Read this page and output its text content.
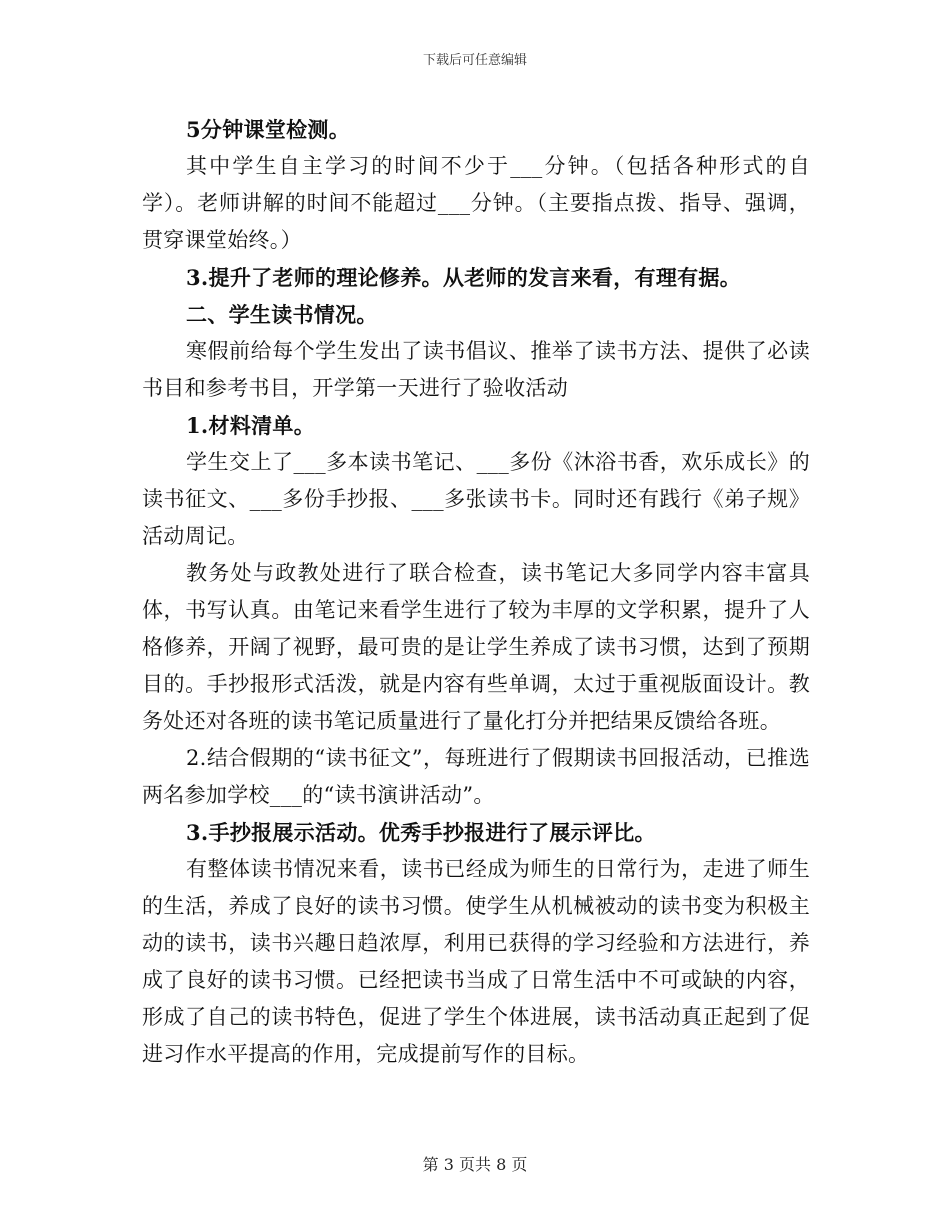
下载后可任意编辑

5分钟课堂检测。

其中学生自主学习的时间不少于___分钟。（包括各种形式的自学）。老师讲解的时间不能超过___分钟。（主要指点拨、指导、强调，贯穿课堂始终。）

3.提升了老师的理论修养。从老师的发言来看，有理有据。

二、学生读书情况。

寒假前给每个学生发出了读书倡议、推举了读书方法、提供了必读书目和参考书目，开学第一天进行了验收活动

1.材料清单。

学生交上了___多本读书笔记、___多份《沐浴书香，欢乐成长》的读书征文、___多份手抄报、___多张读书卡。同时还有践行《弟子规》活动周记。

教务处与政教处进行了联合检查，读书笔记大多同学内容丰富具体，书写认真。由笔记来看学生进行了较为丰厚的文学积累，提升了人格修养，开阔了视野，最可贵的是让学生养成了读书习惯，达到了预期目的。手抄报形式活泼，就是内容有些单调，太过于重视版面设计。教务处还对各班的读书笔记质量进行了量化打分并把结果反馈给各班。

2.结合假期的“读书征文”，每班进行了假期读书回报活动，已推选两名参加学校___的“读书演讲活动”。

3.手抄报展示活动。优秀手抄报进行了展示评比。

有整体读书情况来看，读书已经成为师生的日常行为，走进了师生的生活，养成了良好的读书习惯。使学生从机械被动的读书变为积极主动的读书，读书兴趣日趋浓厚，利用已获得的学习经验和方法进行，养成了良好的读书习惯。已经把读书当成了日常生活中不可或缺的内容，形成了自己的读书特色，促进了学生个体进展，读书活动真正起到了促进习作水平提高的作用，完成提前写作的目标。

第 3 页共 8 页
